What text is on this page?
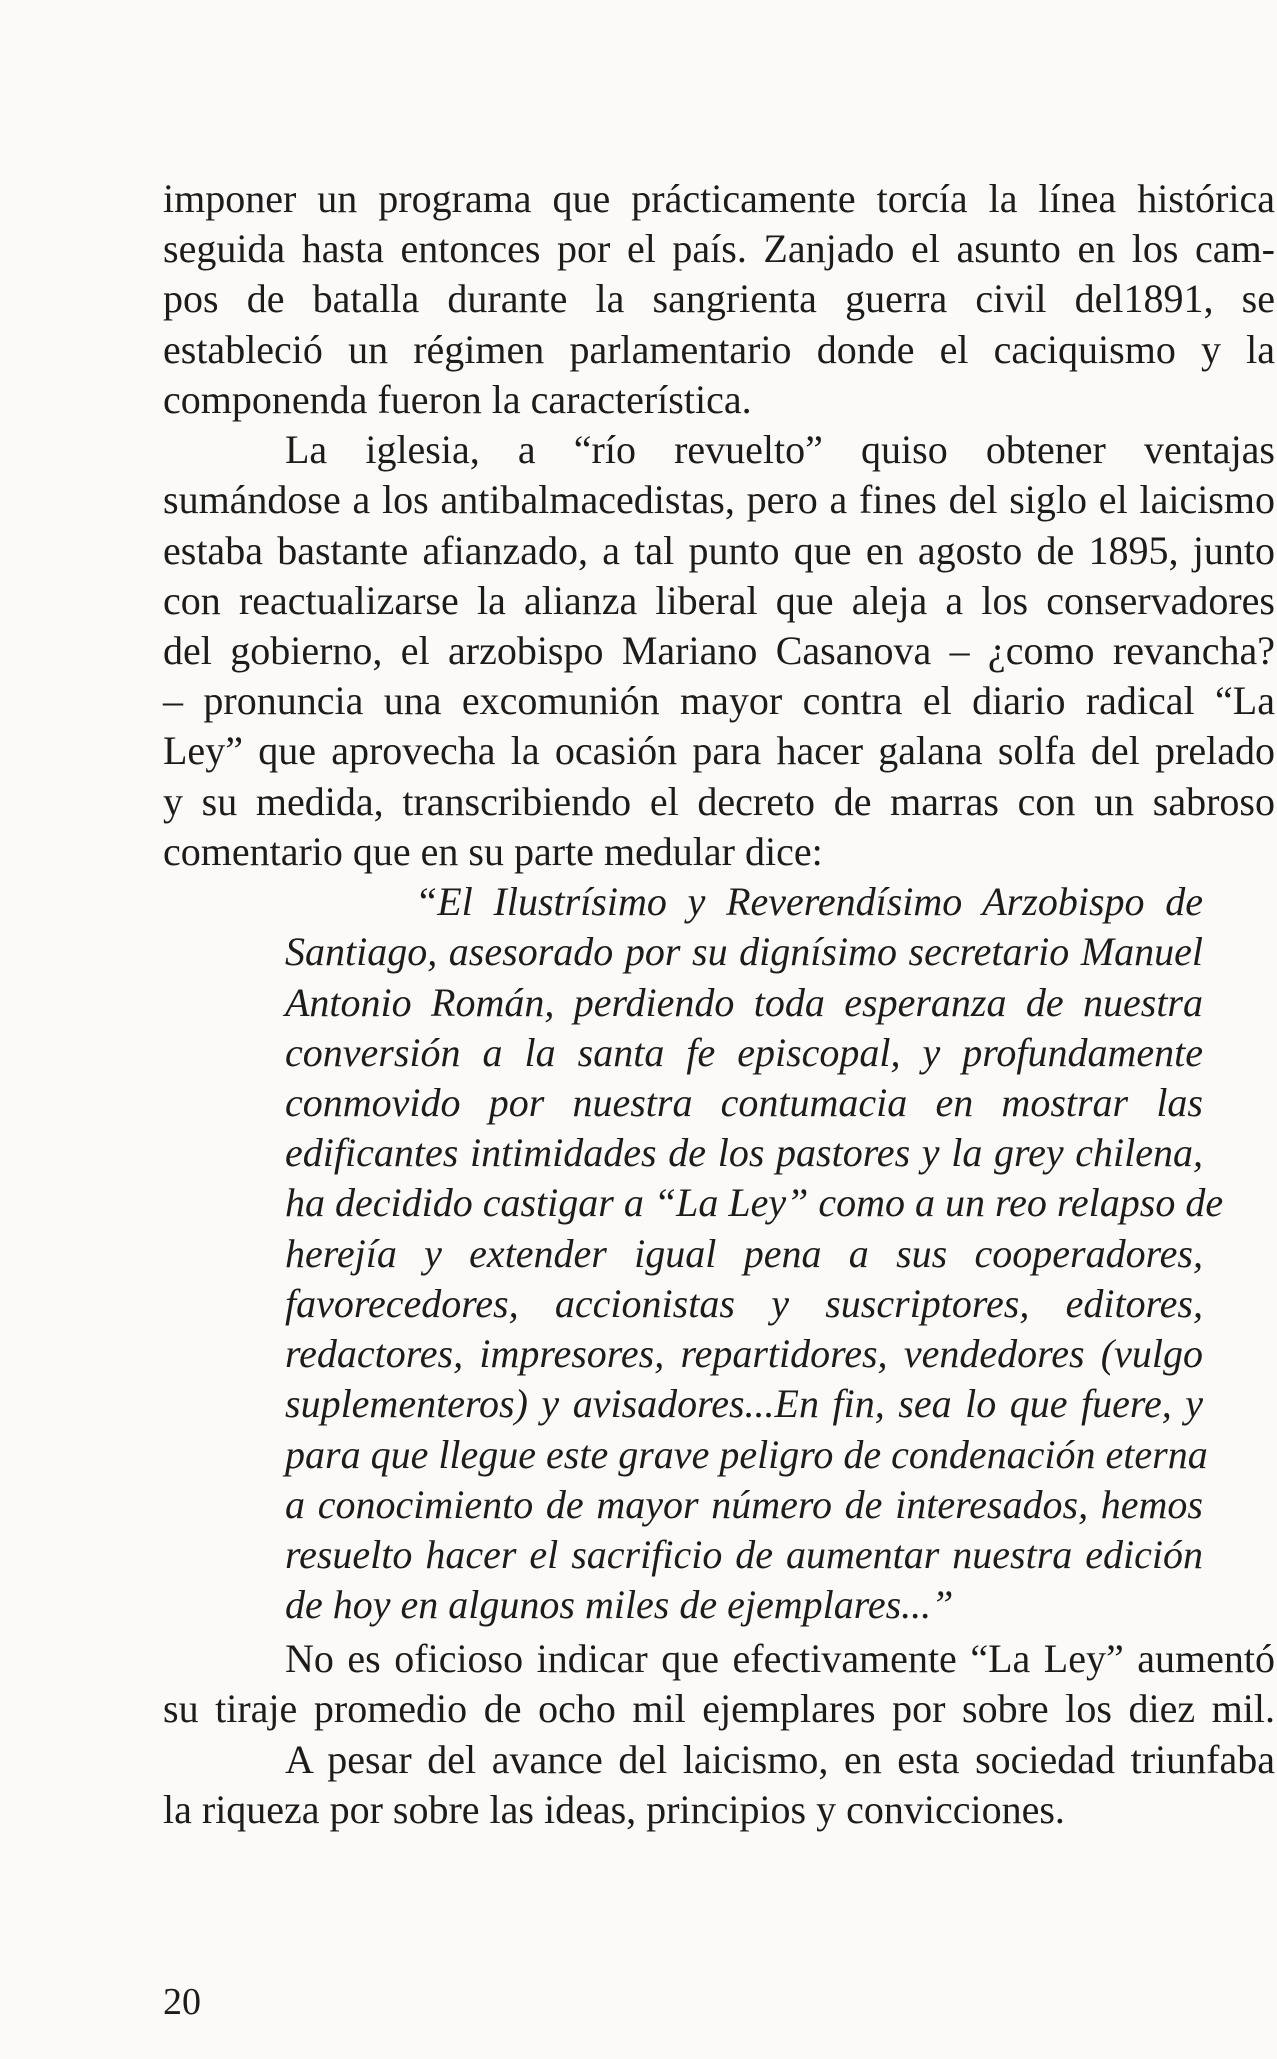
imponer un programa que prácticamente torcía la línea histórica

seguida hasta entonces por el país. Zanjado el asunto en los cam-

pos de batalla durante la sangrienta guerra civil del1891, se

estableció un régimen parlamentario donde el caciquismo y la

componenda fueron la característica.

La iglesia, a “río revuelto” quiso obtener ventajas

sumándose a los antibalmacedistas, pero a fines del siglo el laicismo

estaba bastante afianzado, a tal punto que en agosto de 1895, junto

con reactualizarse la alianza liberal que aleja a los conservadores

del gobierno, el arzobispo Mariano Casanova – ¿como revancha?

– pronuncia una excomunión mayor contra el diario radical “La

Ley” que aprovecha la ocasión para hacer galana solfa del prelado

y su medida, transcribiendo el decreto de marras con un sabroso

comentario que en su parte medular dice:

“El Ilustrísimo y Reverendísimo Arzobispo de

Santiago, asesorado por su dignísimo secretario Manuel

Antonio Román, perdiendo toda esperanza de nuestra

conversión a la santa fe episcopal, y profundamente

conmovido por nuestra contumacia en mostrar las

edificantes intimidades de los pastores y la grey chilena,

ha decidido castigar a “La Ley” como a un reo relapso de

herejía y extender igual pena a sus cooperadores,

favorecedores, accionistas y suscriptores, editores,

redactores, impresores, repartidores, vendedores (vulgo

suplementeros) y avisadores...En fin, sea lo que fuere, y

para que llegue este grave peligro de condenación eterna

a conocimiento de mayor número de interesados, hemos

resuelto hacer el sacrificio de aumentar nuestra edición

de hoy en algunos miles de ejemplares...”

No es oficioso indicar que efectivamente “La Ley” aumentó

su tiraje promedio de ocho mil ejemplares por sobre los diez mil.

A pesar del avance del laicismo, en esta sociedad triunfaba

la riqueza por sobre las ideas, principios y convicciones.

20
